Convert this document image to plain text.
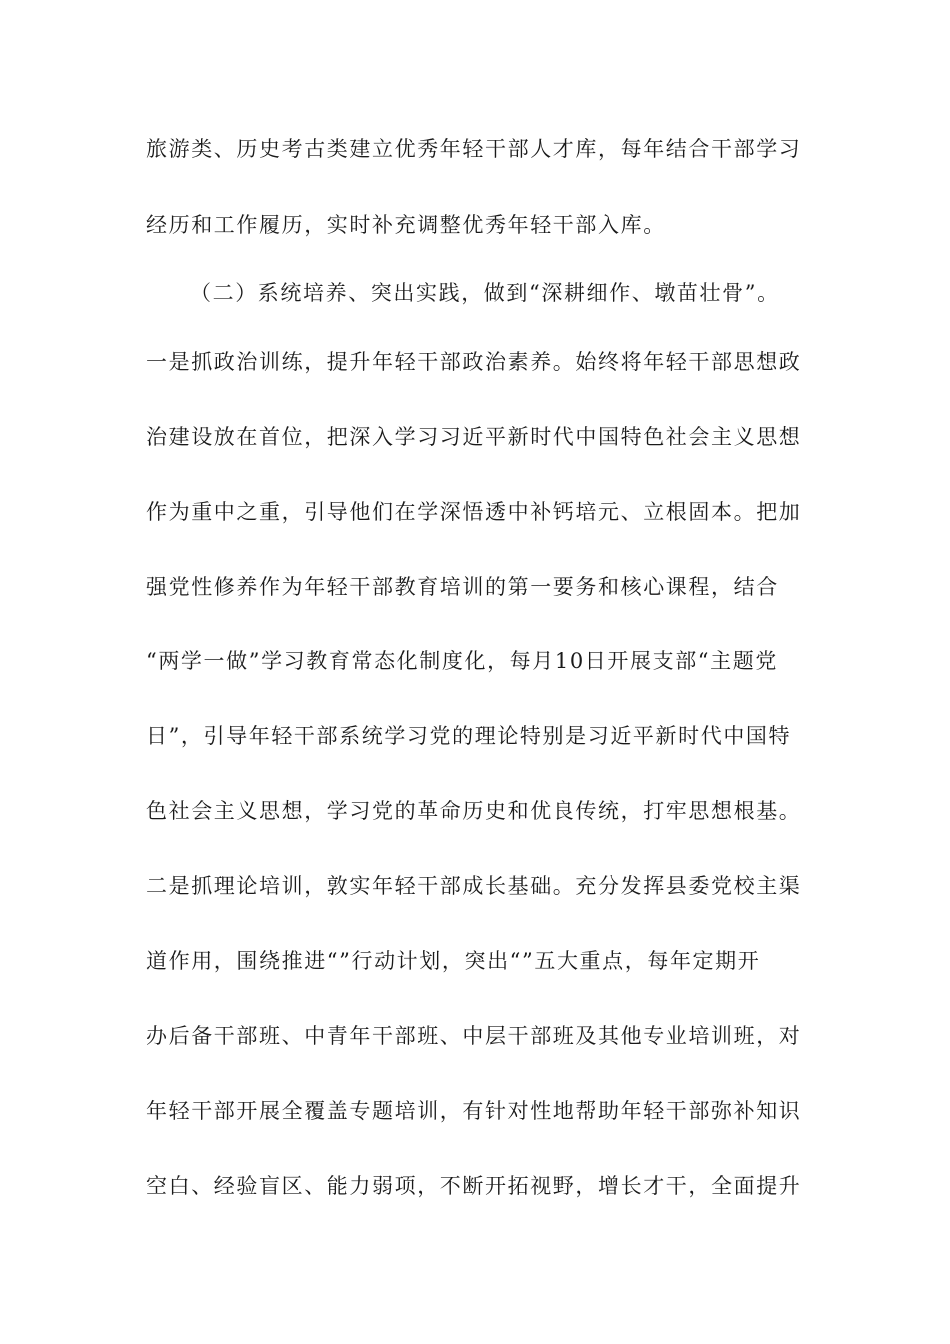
旅游类、历史考古类建立优秀年轻干部人才库，每年结合干部学习
经历和工作履历，实时补充调整优秀年轻干部入库。
（二）系统培养、突出实践，做到“深耕细作、墩苗壮骨”。
一是抓政治训练，提升年轻干部政治素养。始终将年轻干部思想政
治建设放在首位，把深入学习习近平新时代中国特色社会主义思想
作为重中之重，引导他们在学深悟透中补钙培元、立根固本。把加
强党性修养作为年轻干部教育培训的第一要务和核心课程，结合
“两学一做”学习教育常态化制度化，每月10日开展支部“主题党
日”，引导年轻干部系统学习党的理论特别是习近平新时代中国特
色社会主义思想，学习党的革命历史和优良传统，打牢思想根基。
二是抓理论培训，敦实年轻干部成长基础。充分发挥县委党校主渠
道作用，围绕推进“”行动计划，突出“”五大重点，每年定期开
办后备干部班、中青年干部班、中层干部班及其他专业培训班，对
年轻干部开展全覆盖专题培训，有针对性地帮助年轻干部弥补知识
空白、经验盲区、能力弱项，不断开拓视野，增长才干，全面提升
